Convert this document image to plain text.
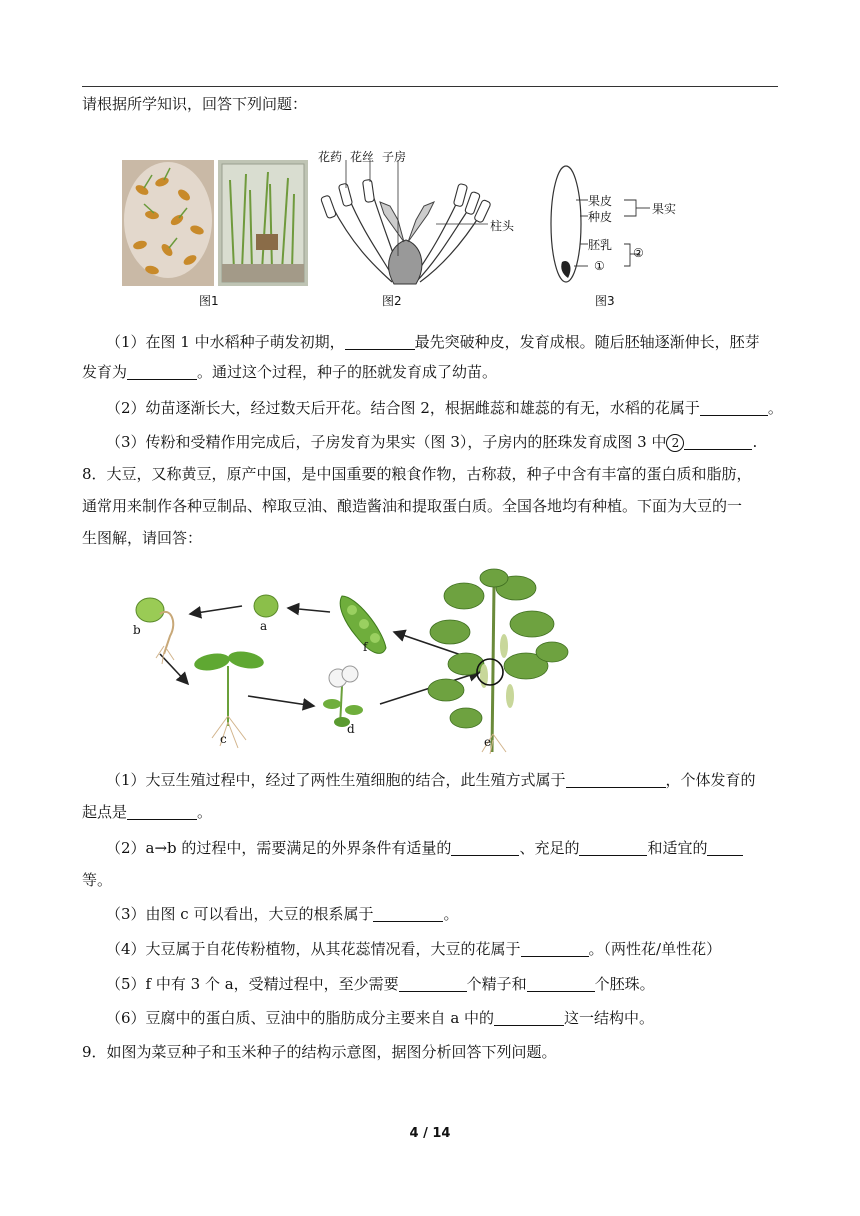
请根据所学知识，回答下列问题：
图1
花药 花丝 子房
柱头
图2
果皮
种皮
果实
胚乳
②
①
图3
（1）在图 1 中水稻种子萌发初期，	最先突破种皮，发育成根。随后胚轴逐渐伸长，胚芽
发育为	。通过这个过程，种子的胚就发育成了幼苗。
（2）幼苗逐渐长大，经过数天后开花。结合图 2，根据雌蕊和雄蕊的有无，水稻的花属于	。
（3）传粉和受精作用完成后，子房发育为果实（图 3），子房内的胚珠发育成图 3 中 2	.
8．大豆，又称黄豆，原产中国，是中国重要的粮食作物，古称菽，种子中含有丰富的蛋白质和脂肪，
通常用来制作各种豆制品、榨取豆油、酿造酱油和提取蛋白质。全国各地均有种植。下面为大豆的一
生图解，请回答：
a
b
c
d
e
f
（1）大豆生殖过程中，经过了两性生殖细胞的结合，此生殖方式属于	，个体发育的
起点是	。
（2）a→b 的过程中，需要满足的外界条件有适量的	、充足的	和适宜的
等。
（3）由图 c 可以看出，大豆的根系属于	。
（4）大豆属于自花传粉植物，从其花蕊情况看，大豆的花属于	。（两性花/单性花）
（5）f 中有 3 个 a，受精过程中，至少需要	个精子和	个胚珠。
（6）豆腐中的蛋白质、豆油中的脂肪成分主要来自 a 中的	这一结构中。
9．如图为菜豆种子和玉米种子的结构示意图，据图分析回答下列问题。
4 / 14
